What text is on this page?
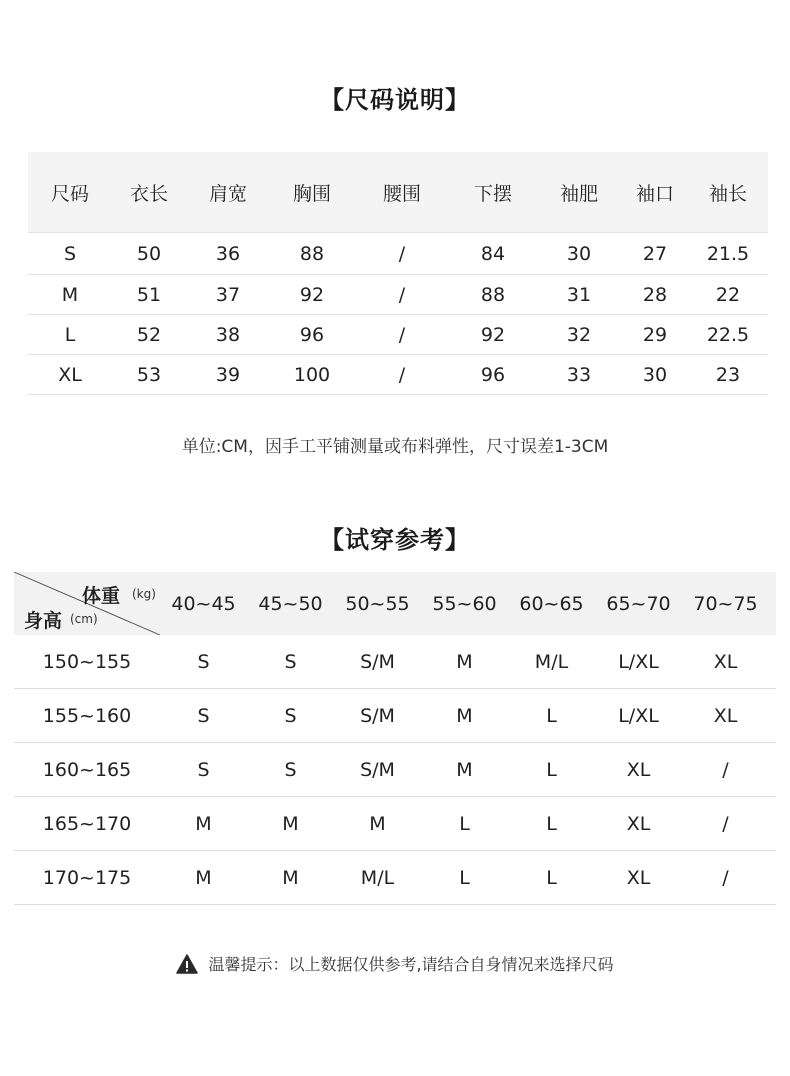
【尺码说明】
尺码	衣长	肩宽	胸围	腰围	下摆	袖肥	袖口	袖长
S	50	36	88	/	84	30	27	21.5
M	51	37	92	/	88	31	28	22
L	52	38	96	/	92	32	29	22.5
XL	53	39	100	/	96	33	30	23
单位:CM，因手工平铺测量或布料弹性，尺寸误差1-3CM
【试穿参考】
体重 (kg)
身高 (cm)
40~45	45~50	50~55	55~60	60~65	65~70	70~75
150~155	S	S	S/M	M	M/L	L/XL	XL
155~160	S	S	S/M	M	L	L/XL	XL
160~165	S	S	S/M	M	L	XL	/
165~170	M	M	M	L	L	XL	/
170~175	M	M	M/L	L	L	XL	/
温馨提示：以上数据仅供参考,请结合自身情况来选择尺码
